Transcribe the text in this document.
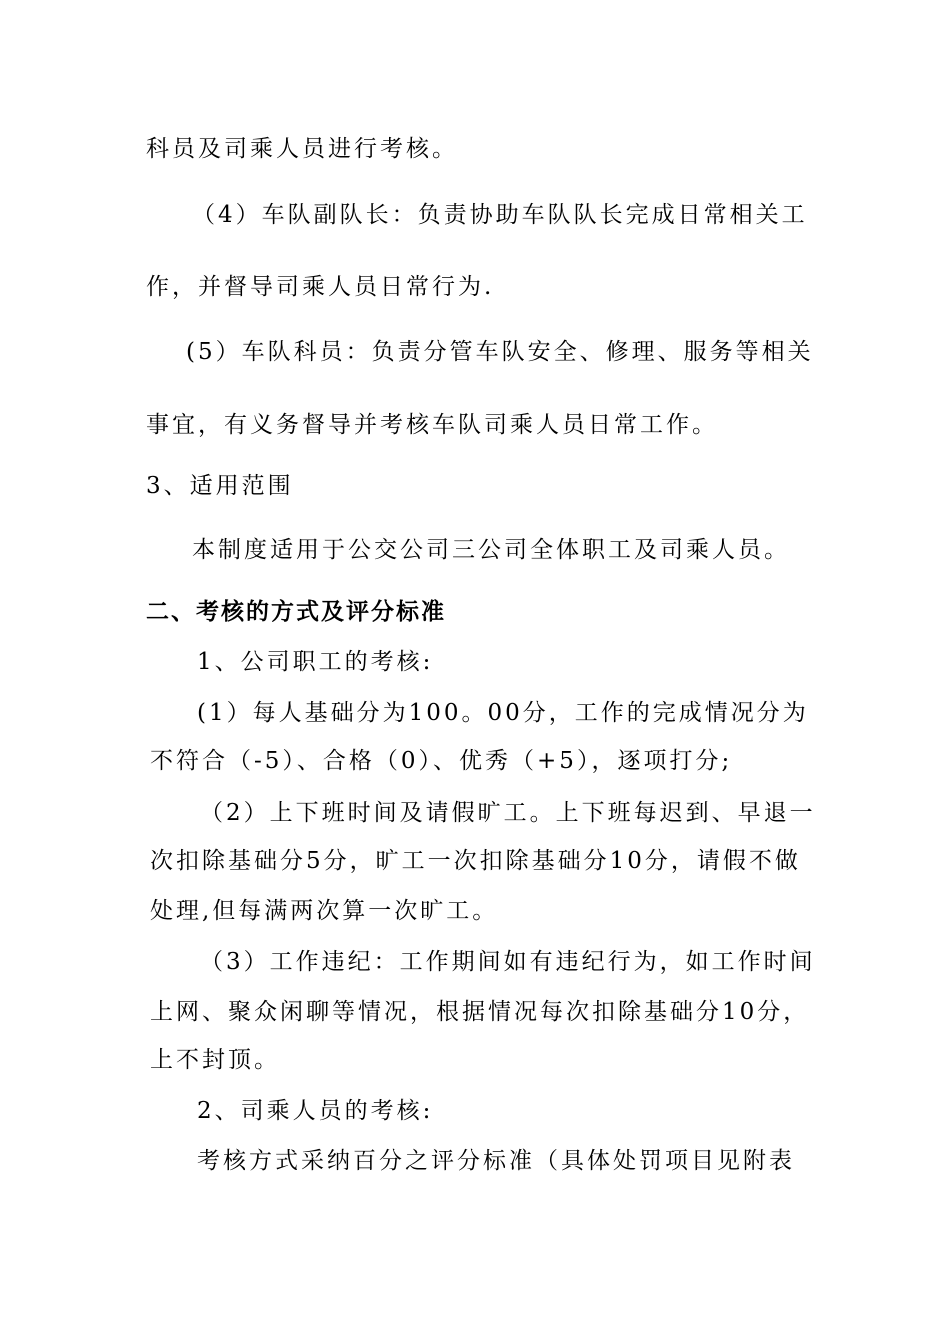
科员及司乘人员进行考核。
（4）车队副队长：负责协助车队队长完成日常相关工
作，并督导司乘人员日常行为.
(5）车队科员：负责分管车队安全、修理、服务等相关
事宜，有义务督导并考核车队司乘人员日常工作。
3、适用范围
本制度适用于公交公司三公司全体职工及司乘人员。
二、考核的方式及评分标准
1、公司职工的考核:
(1）每人基础分为100。00分，工作的完成情况分为
不符合（-5）、合格（0）、优秀（+5），逐项打分;
（2）上下班时间及请假旷工。上下班每迟到、早退一
次扣除基础分5分，旷工一次扣除基础分10分，请假不做
处理,但每满两次算一次旷工。
（3）工作违纪：工作期间如有违纪行为，如工作时间
上网、聚众闲聊等情况，根据情况每次扣除基础分10分，
上不封顶。
2、司乘人员的考核:
考核方式采纳百分之评分标准（具体处罚项目见附表
